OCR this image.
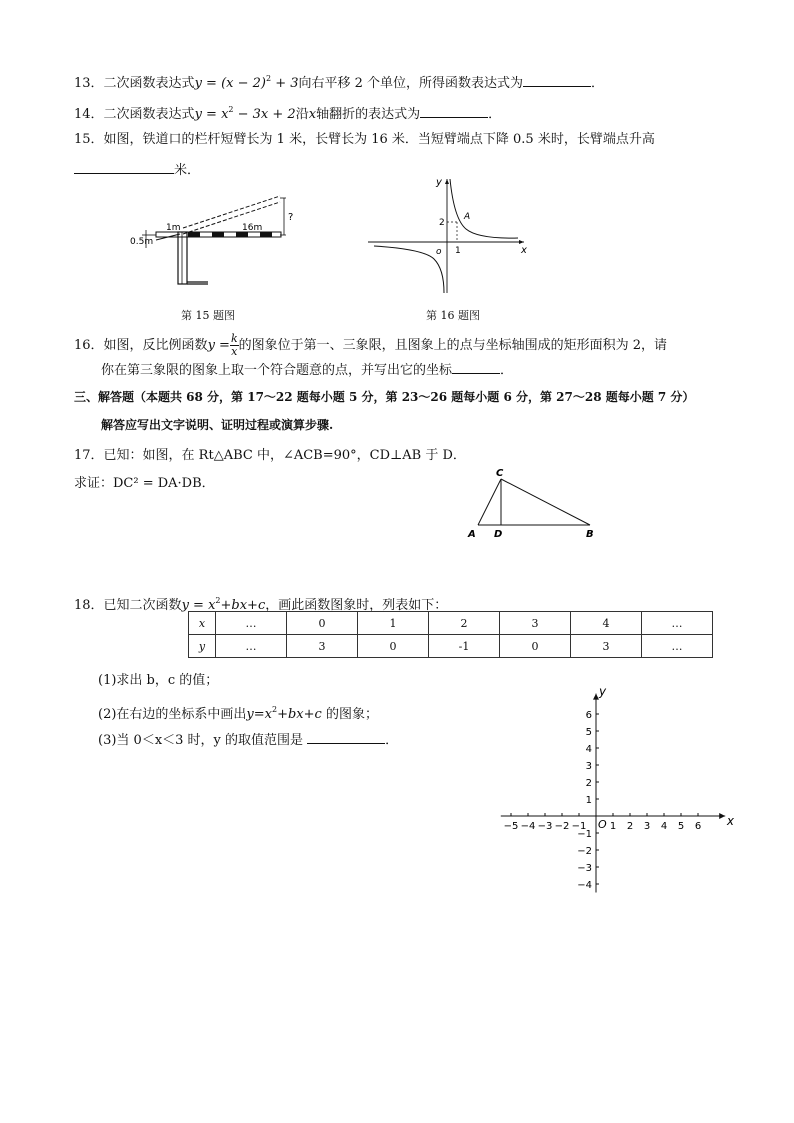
13．二次函数表达式$y = (x - 2)^2 + 3$向右平移 2 个单位，所得函数表达式为	．
14．二次函数表达式$y = x^2 - 3x + 2$沿x轴翻折的表达式为	．
15．如图，铁道口的栏杆短臂长为 1 米，长臂长为 16 米．当短臂端点下降 0.5 米时，长臂端点升高
米．
?
0.5m
1m	16m
第 15 题图
y
x
o
2
1
A
第 16 题图
16．如图，反比例函数$y = \frac{k}{x}$ 的图象位于第一、三象限，且图象上的点与坐标轴围成的矩形面积为 2，请
你在第三象限的图象上取一个符合题意的点，并写出它的坐标	．
三、解答题（本题共 68 分，第 17～22 题每小题 5 分，第 23～26 题每小题 6 分，第 27～28 题每小题 7 分）
解答应写出文字说明、证明过程或演算步骤.
17．已知：如图，在 Rt△ABC 中，∠ACB=90°，CD⊥AB 于 D．
求证：DC² = DA·DB．
C
A D	B
18．已知二次函数$y = x^2+bx+c$，画此函数图象时，列表如下：
x	…	0	1	2	3	4	…
y	…	3	0	-1	0	3	…
(1)求出 b，c 的值；
(2)在右边的坐标系中画出$y=x^2+bx+c$ 的图象；
(3)当 0＜x＜3 时，y 的取值范围是	．
x
y
O
−5 −4 −3 −2 −1 1 2 3 4 5 6
6
5
4
3
2
1
−1
−2
−3
−4
